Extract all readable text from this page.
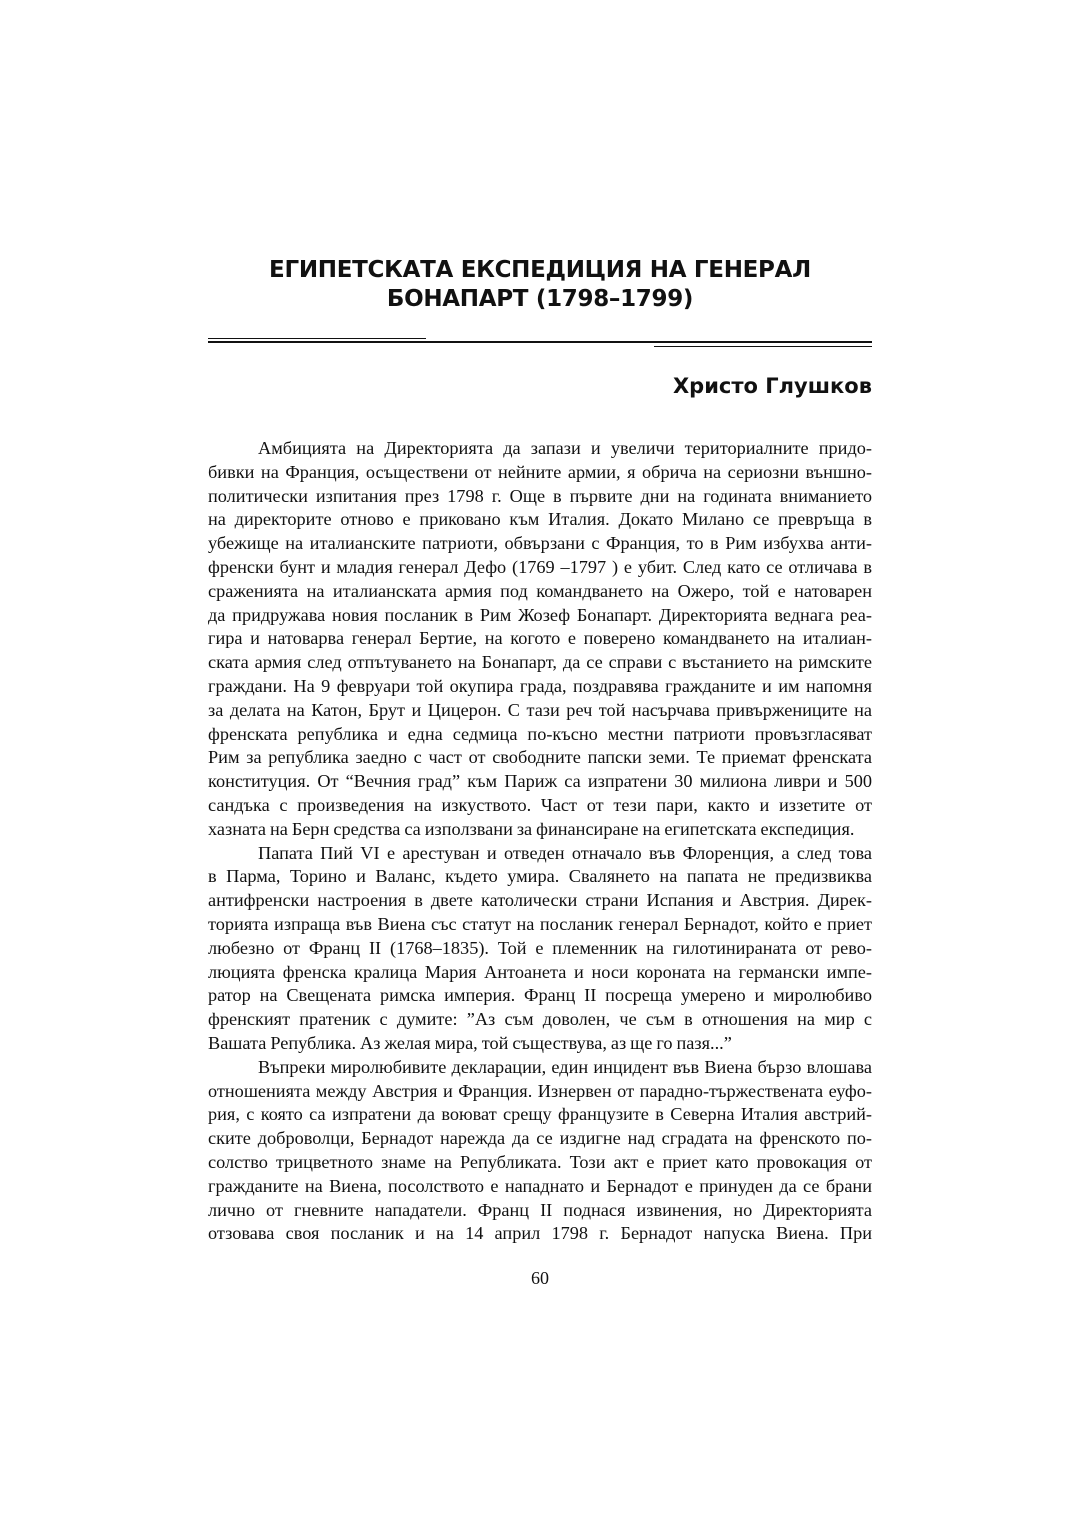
ЕГИПЕТСКАТА ЕКСПЕДИЦИЯ НА ГЕНЕРАЛ
БОНАПАРТ (1798–1799)
Христо Глушков
Амбицията на Директорията да запази и увеличи териториалните придо-
бивки на Франция, осъществени от нейните армии, я обрича на сериозни външно-
политически изпитания през 1798 г. Още в първите дни на годината вниманието
на директорите отново е приковано към Италия. Докато Милано се превръща в
убежище на италианските патриоти, обвързани с Франция, то в Рим избухва анти-
френски бунт и младия генерал Дефо (1769 –1797 ) е убит. След като се отличава в
сраженията на италианската армия под командването на Ожеро, той е натоварен
да придружава новия посланик в Рим Жозеф Бонапарт. Директорията веднага реа-
гира и натоварва генерал Бертие, на когото е поверено командването на италиан-
ската армия след отпътуването на Бонапарт, да се справи с въстанието на римските
граждани. На 9 февруари той окупира града, поздравява гражданите и им напомня
за делата на Катон, Брут и Цицерон. С тази реч той насърчава привържениците на
френската република и една седмица по-късно местни патриоти провъзгласяват
Рим за република заедно с част от свободните папски земи. Те приемат френската
конституция. От “Вечния град” към Париж са изпратени 30 милиона ливри и 500
сандъка с произведения на изкуството. Част от тези пари, както и иззетите от
хазната на Берн средства са използвани за финансиране на египетската експедиция.
Папата Пий VI е арестуван и отведен отначало във Флоренция, а след това
в Парма, Торино и Валанс, където умира. Свалянето на папата не предизвиква
антифренски настроения в двете католически страни Испания и Австрия. Дирек-
торията изпраща във Виена със статут на посланик генерал Бернадот, който е приет
любезно от Франц II (1768–1835). Той е племенник на гилотинираната от рево-
люцията френска кралица Мария Антоанета и носи короната на германски импе-
ратор на Свещената римска империя. Франц II посреща умерено и миролюбиво
френският пратеник с думите: ”Аз съм доволен, че съм в отношения на мир с
Вашата Република. Аз желая мира, той съществува, аз ще го пазя...”
Въпреки миролюбивите декларации, един инцидент във Виена бързо влошава
отношенията между Австрия и Франция. Изнервен от парадно-тържествената еуфо-
рия, с която са изпратени да воюват срещу французите в Северна Италия австрий-
ските доброволци, Бернадот нарежда да се издигне над сградата на френското по-
солство трицветното знаме на Републиката. Този акт е приет като провокация от
гражданите на Виена, посолството е нападнато и Бернадот е принуден да се брани
лично от гневните нападатели. Франц II поднася извинения, но Директорията
отзовава своя посланик и на 14 април 1798 г. Бернадот напуска Виена. При
60
